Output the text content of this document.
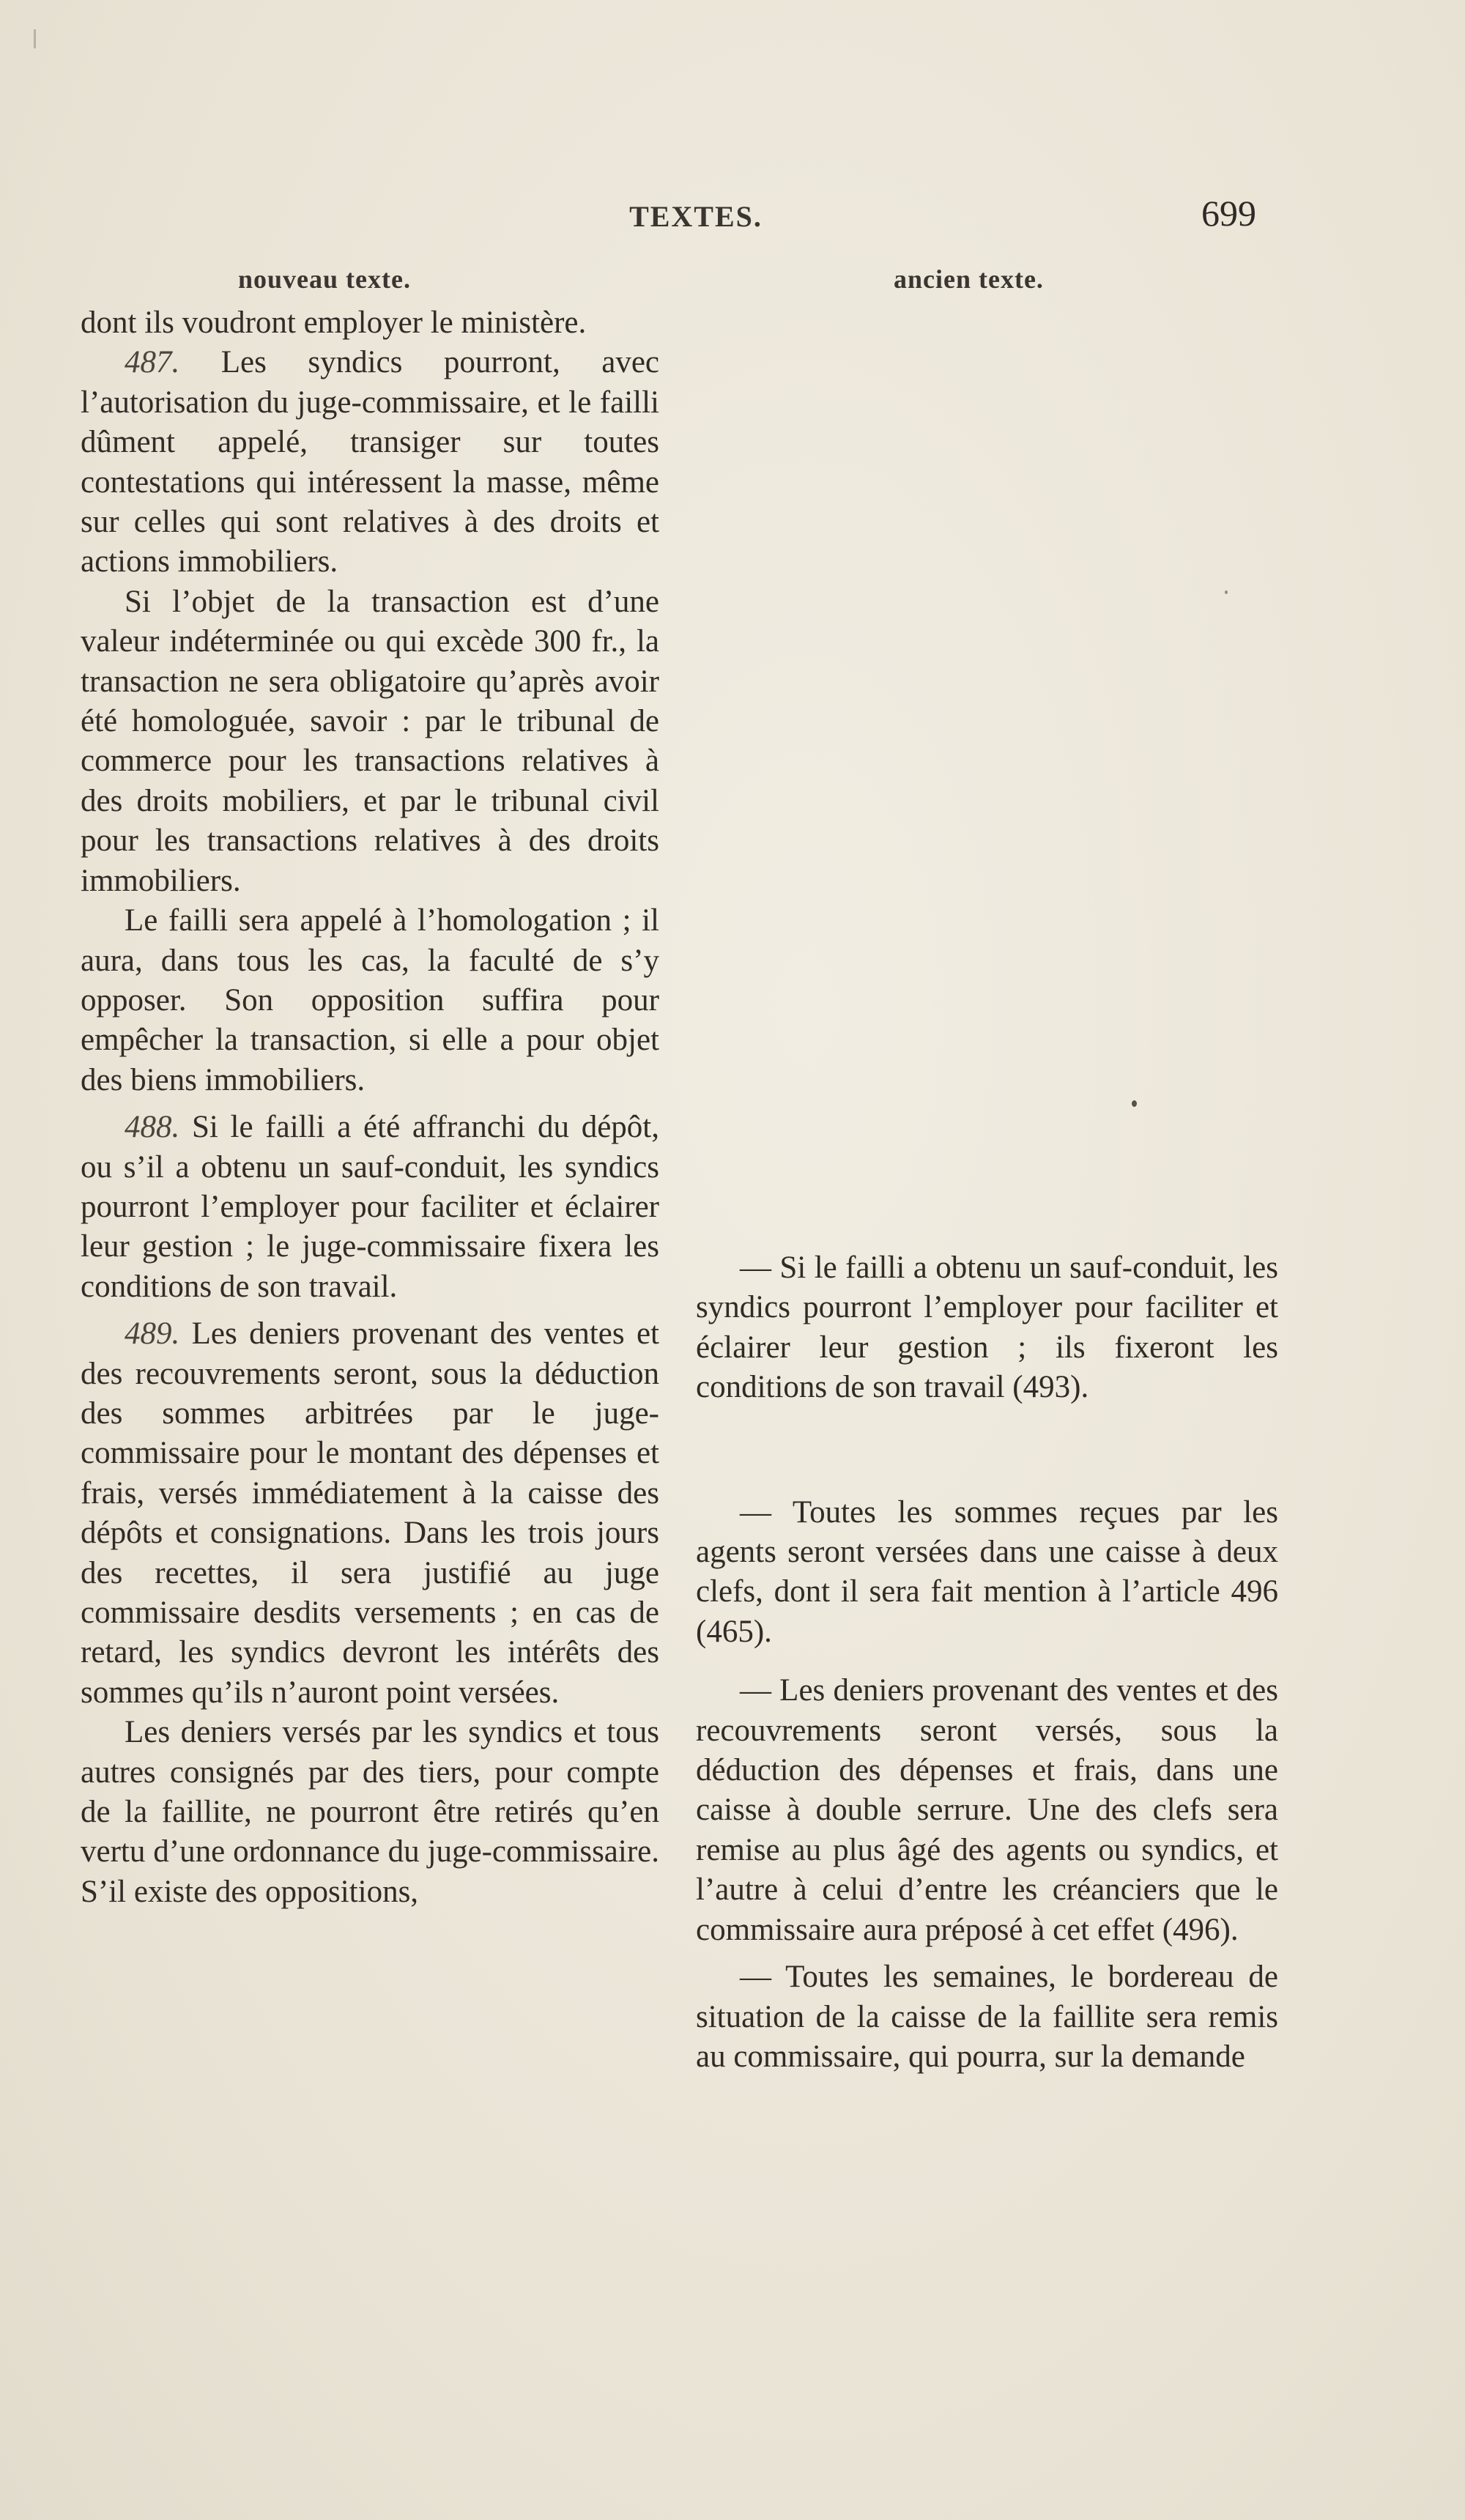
TEXTES.	699
nouveau texte.	ancien texte.

dont ils voudront employer le ministère.

487. Les syndics pourront, avec l’autorisation du juge-commissaire, et le failli dûment appelé, transiger sur toutes contestations qui intéressent la masse, même sur celles qui sont relatives à des droits et actions immobiliers.

Si l’objet de la transaction est d’une valeur indéterminée ou qui excède 300 fr., la transaction ne sera obligatoire qu’après avoir été homologuée, savoir : par le tribunal de commerce pour les transactions relatives à des droits mobiliers, et par le tribunal civil pour les transactions relatives à des droits immobiliers.

Le failli sera appelé à l’homologation ; il aura, dans tous les cas, la faculté de s’y opposer. Son opposition suffira pour empêcher la transaction, si elle a pour objet des biens immobiliers.

488. Si le failli a été affranchi du dépôt, ou s’il a obtenu un sauf-conduit, les syndics pourront l’employer pour faciliter et éclairer leur gestion ; le juge-commissaire fixera les conditions de son travail.

489. Les deniers provenant des ventes et des recouvrements seront, sous la déduction des sommes arbitrées par le juge-commissaire pour le montant des dépenses et frais, versés immédiatement à la caisse des dépôts et consignations. Dans les trois jours des recettes, il sera justifié au juge commissaire desdits versements ; en cas de retard, les syndics devront les intérêts des sommes qu’ils n’auront point versées.

Les deniers versés par les syndics et tous autres consignés par des tiers, pour compte de la faillite, ne pourront être retirés qu’en vertu d’une ordonnance du juge-commissaire. S’il existe des oppositions,

— Si le failli a obtenu un sauf-conduit, les syndics pourront l’employer pour faciliter et éclairer leur gestion ; ils fixeront les conditions de son travail (493).

— Toutes les sommes reçues par les agents seront versées dans une caisse à deux clefs, dont il sera fait mention à l’article 496 (465).

— Les deniers provenant des ventes et des recouvrements seront versés, sous la déduction des dépenses et frais, dans une caisse à double serrure. Une des clefs sera remise au plus âgé des agents ou syndics, et l’autre à celui d’entre les créanciers que le commissaire aura préposé à cet effet (496).

— Toutes les semaines, le bordereau de situation de la caisse de la faillite sera remis au commissaire, qui pourra, sur la demande
